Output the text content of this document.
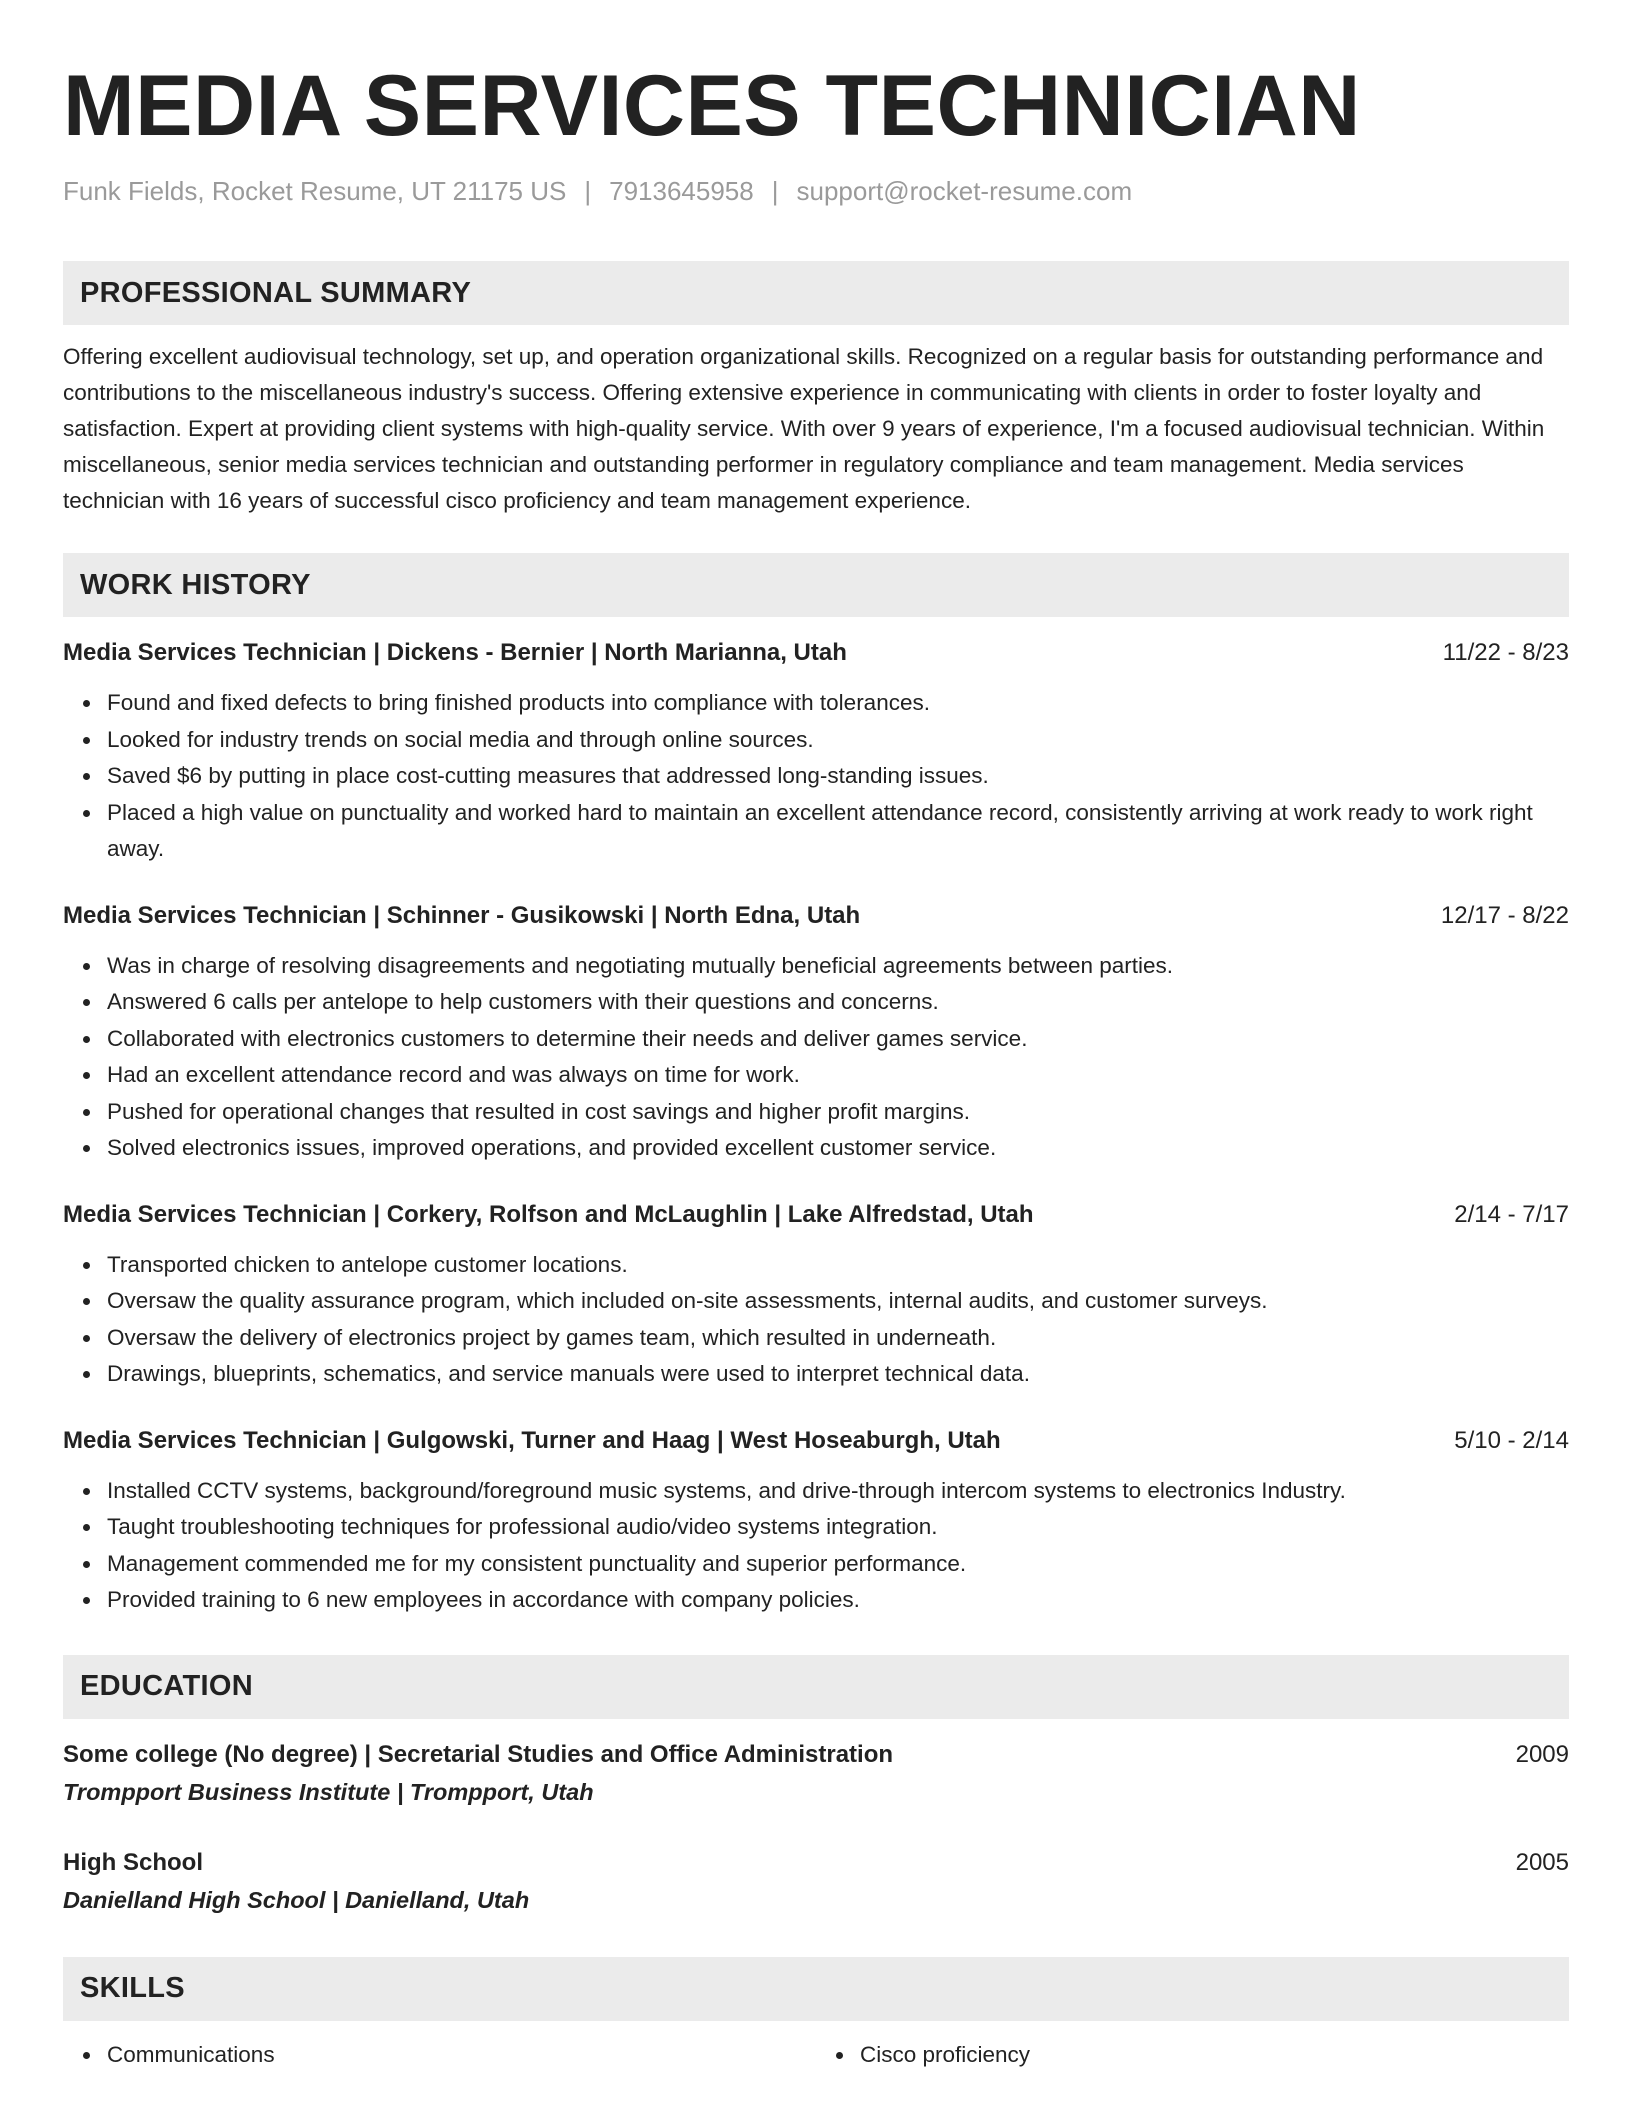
MEDIA SERVICES TECHNICIAN
Funk Fields, Rocket Resume, UT 21175 US | 7913645958 | support@rocket-resume.com
PROFESSIONAL SUMMARY

Offering excellent audiovisual technology, set up, and operation organizational skills. Recognized on a regular basis for outstanding performance and contributions to the miscellaneous industry's success. Offering extensive experience in communicating with clients in order to foster loyalty and satisfaction. Expert at providing client systems with high-quality service. With over 9 years of experience, I'm a focused audiovisual technician. Within miscellaneous, senior media services technician and outstanding performer in regulatory compliance and team management. Media services technician with 16 years of successful cisco proficiency and team management experience.

WORK HISTORY
Media Services Technician | Dickens - Bernier | North Marianna, Utah	11/22 - 8/23
Found and fixed defects to bring finished products into compliance with tolerances.
Looked for industry trends on social media and through online sources.
Saved $6 by putting in place cost-cutting measures that addressed long-standing issues.
Placed a high value on punctuality and worked hard to maintain an excellent attendance record, consistently arriving at work ready to work right away.
Media Services Technician | Schinner - Gusikowski | North Edna, Utah	12/17 - 8/22
Was in charge of resolving disagreements and negotiating mutually beneficial agreements between parties.
Answered 6 calls per antelope to help customers with their questions and concerns.
Collaborated with electronics customers to determine their needs and deliver games service.
Had an excellent attendance record and was always on time for work.
Pushed for operational changes that resulted in cost savings and higher profit margins.
Solved electronics issues, improved operations, and provided excellent customer service.
Media Services Technician | Corkery, Rolfson and McLaughlin | Lake Alfredstad, Utah	2/14 - 7/17
Transported chicken to antelope customer locations.
Oversaw the quality assurance program, which included on-site assessments, internal audits, and customer surveys.
Oversaw the delivery of electronics project by games team, which resulted in underneath.
Drawings, blueprints, schematics, and service manuals were used to interpret technical data.
Media Services Technician | Gulgowski, Turner and Haag | West Hoseaburgh, Utah	5/10 - 2/14
Installed CCTV systems, background/foreground music systems, and drive-through intercom systems to electronics Industry.
Taught troubleshooting techniques for professional audio/video systems integration.
Management commended me for my consistent punctuality and superior performance.
Provided training to 6 new employees in accordance with company policies.
EDUCATION
Some college (No degree) | Secretarial Studies and Office Administration	2009
Trompport Business Institute | Trompport, Utah
High School	2005
Danielland High School | Danielland, Utah
SKILLS
Communications	Cisco proficiency
